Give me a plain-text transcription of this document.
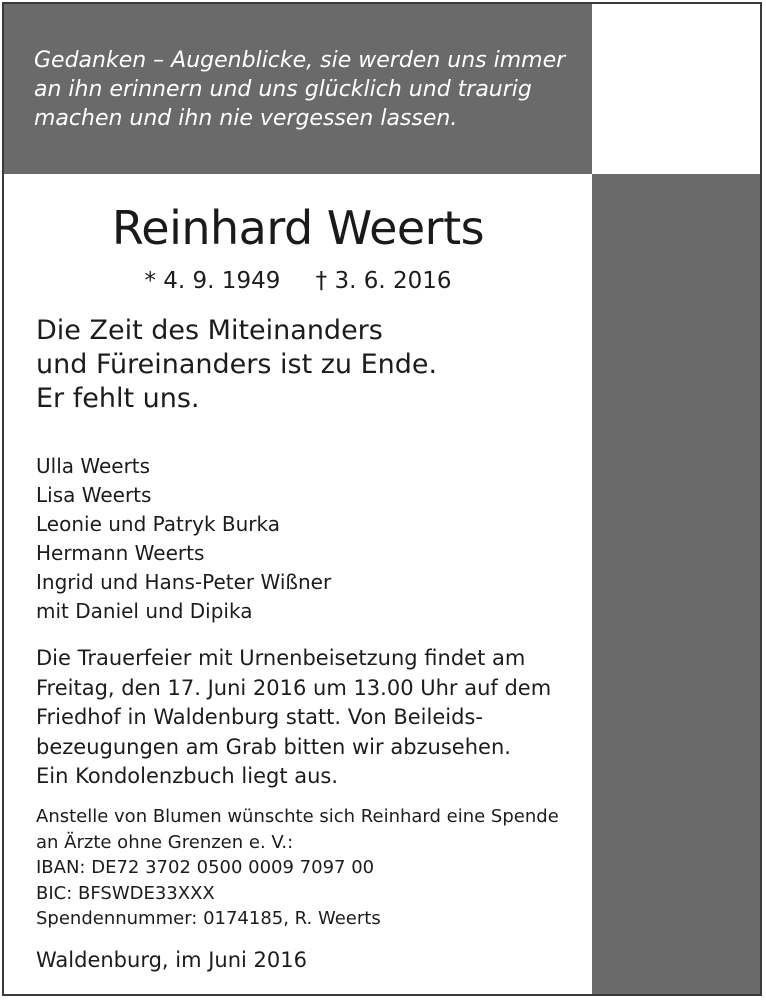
Gedanken – Augenblicke, sie werden uns immer
an ihn erinnern und uns glücklich und traurig
machen und ihn nie vergessen lassen.
Reinhard Weerts
* 4. 9. 1949 † 3. 6. 2016
Die Zeit des Miteinanders
und Füreinanders ist zu Ende.
Er fehlt uns.
Ulla Weerts
Lisa Weerts
Leonie und Patryk Burka
Hermann Weerts
Ingrid und Hans-Peter Wißner
mit Daniel und Dipika
Die Trauerfeier mit Urnenbeisetzung findet am
Freitag, den 17. Juni 2016 um 13.00 Uhr auf dem
Friedhof in Waldenburg statt. Von Beileids-
bezeugungen am Grab bitten wir abzusehen.
Ein Kondolenzbuch liegt aus.
Anstelle von Blumen wünschte sich Reinhard eine Spende
an Ärzte ohne Grenzen e. V.:
IBAN: DE72 3702 0500 0009 7097 00
BIC: BFSWDE33XXX
Spendennummer: 0174185, R. Weerts
Waldenburg, im Juni 2016
